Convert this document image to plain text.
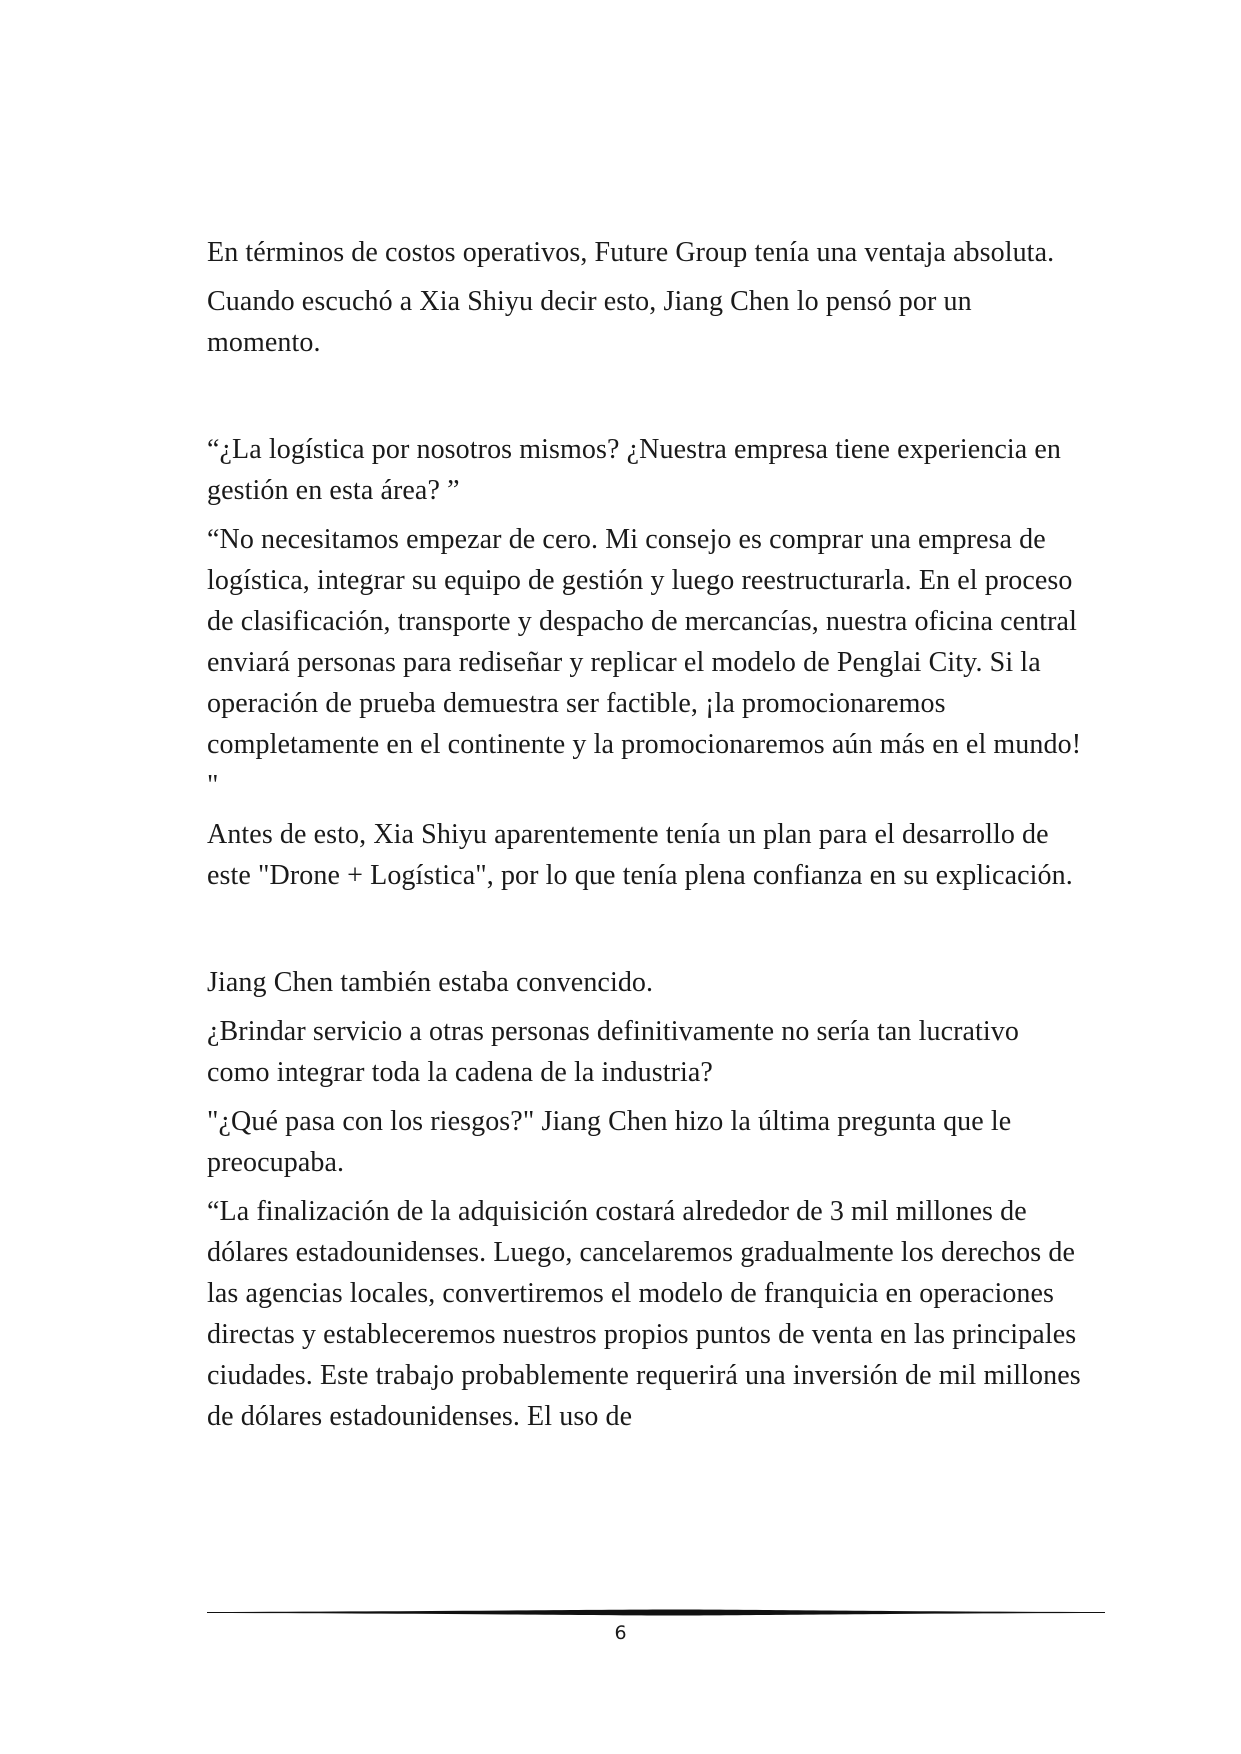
En términos de costos operativos, Future Group tenía una ventaja absoluta.

Cuando escuchó a Xia Shiyu decir esto, Jiang Chen lo pensó por un momento.

“¿La logística por nosotros mismos? ¿Nuestra empresa tiene experiencia en gestión en esta área? ”

“No necesitamos empezar de cero. Mi consejo es comprar una empresa de logística, integrar su equipo de gestión y luego reestructurarla. En el proceso de clasificación, transporte y despacho de mercancías, nuestra oficina central enviará personas para rediseñar y replicar el modelo de Penglai City. Si la operación de prueba demuestra ser factible, ¡la promocionaremos completamente en el continente y la promocionaremos aún más en el mundo! "

Antes de esto, Xia Shiyu aparentemente tenía un plan para el desarrollo de este "Drone + Logística", por lo que tenía plena confianza en su explicación.

Jiang Chen también estaba convencido.

¿Brindar servicio a otras personas definitivamente no sería tan lucrativo como integrar toda la cadena de la industria?

"¿Qué pasa con los riesgos?" Jiang Chen hizo la última pregunta que le preocupaba.

“La finalización de la adquisición costará alrededor de 3 mil millones de dólares estadounidenses. Luego, cancelaremos gradualmente los derechos de las agencias locales, convertiremos el modelo de franquicia en operaciones directas y estableceremos nuestros propios puntos de venta en las principales ciudades. Este trabajo probablemente requerirá una inversión de mil millones de dólares estadounidenses. El uso de

6
